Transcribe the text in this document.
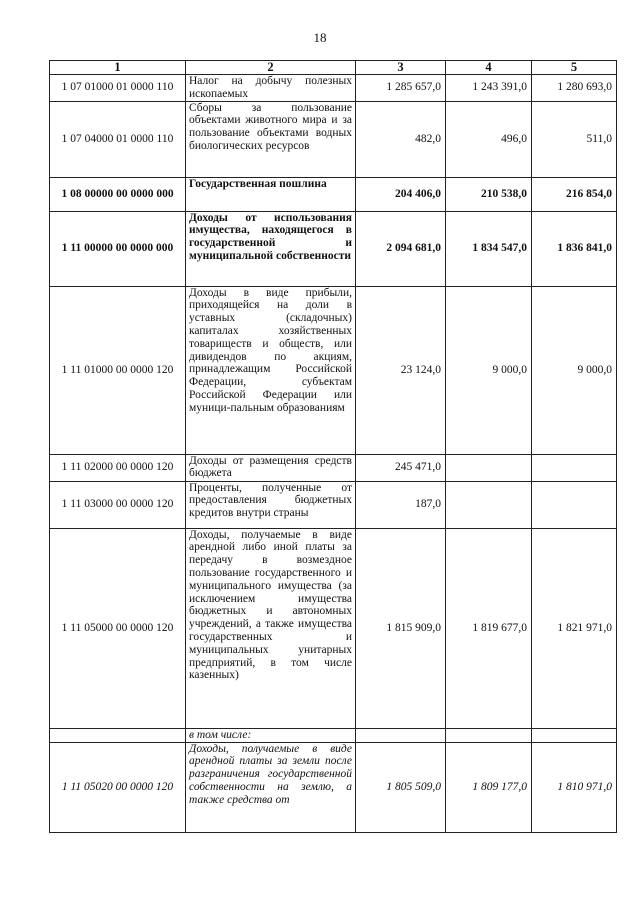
18
1	2	3	4	5
1 07 01000 01 0000 110	Налог на добычу полезных ископаемых	1 285 657,0	1 243 391,0	1 280 693,0
1 07 04000 01 0000 110	Сборы за пользование объектами животного мира и за пользование объектами водных биологических ресурсов	482,0	496,0	511,0
1 08 00000 00 0000 000	Государственная пошлина	204 406,0	210 538,0	216 854,0
1 11 00000 00 0000 000	Доходы от использования имущества, находящегося в государственной и муниципальной собственности	2 094 681,0	1 834 547,0	1 836 841,0
1 11 01000 00 0000 120	Доходы в виде прибыли, приходящейся на доли в уставных (складочных) капиталах хозяйственных товариществ и обществ, или дивидендов по акциям, принадлежащим Российской Федерации, субъектам Российской Федерации или муници-пальным образованиям	23 124,0	9 000,0	9 000,0
1 11 02000 00 0000 120	Доходы от размещения средств бюджета	245 471,0		
1 11 03000 00 0000 120	Проценты, полученные от предоставления бюджетных кредитов внутри страны	187,0		
1 11 05000 00 0000 120	Доходы, получаемые в виде арендной либо иной платы за передачу в возмездное пользование государственного и муниципального имущества (за исключением имущества бюджетных и автономных учреждений, а также имущества государственных и муниципальных унитарных предприятий, в том числе казенных)	1 815 909,0	1 819 677,0	1 821 971,0
	в том числе:			
1 11 05020 00 0000 120	Доходы, получаемые в виде арендной платы за земли после разграничения государственной собственности на землю, а также средства от	1 805 509,0	1 809 177,0	1 810 971,0
